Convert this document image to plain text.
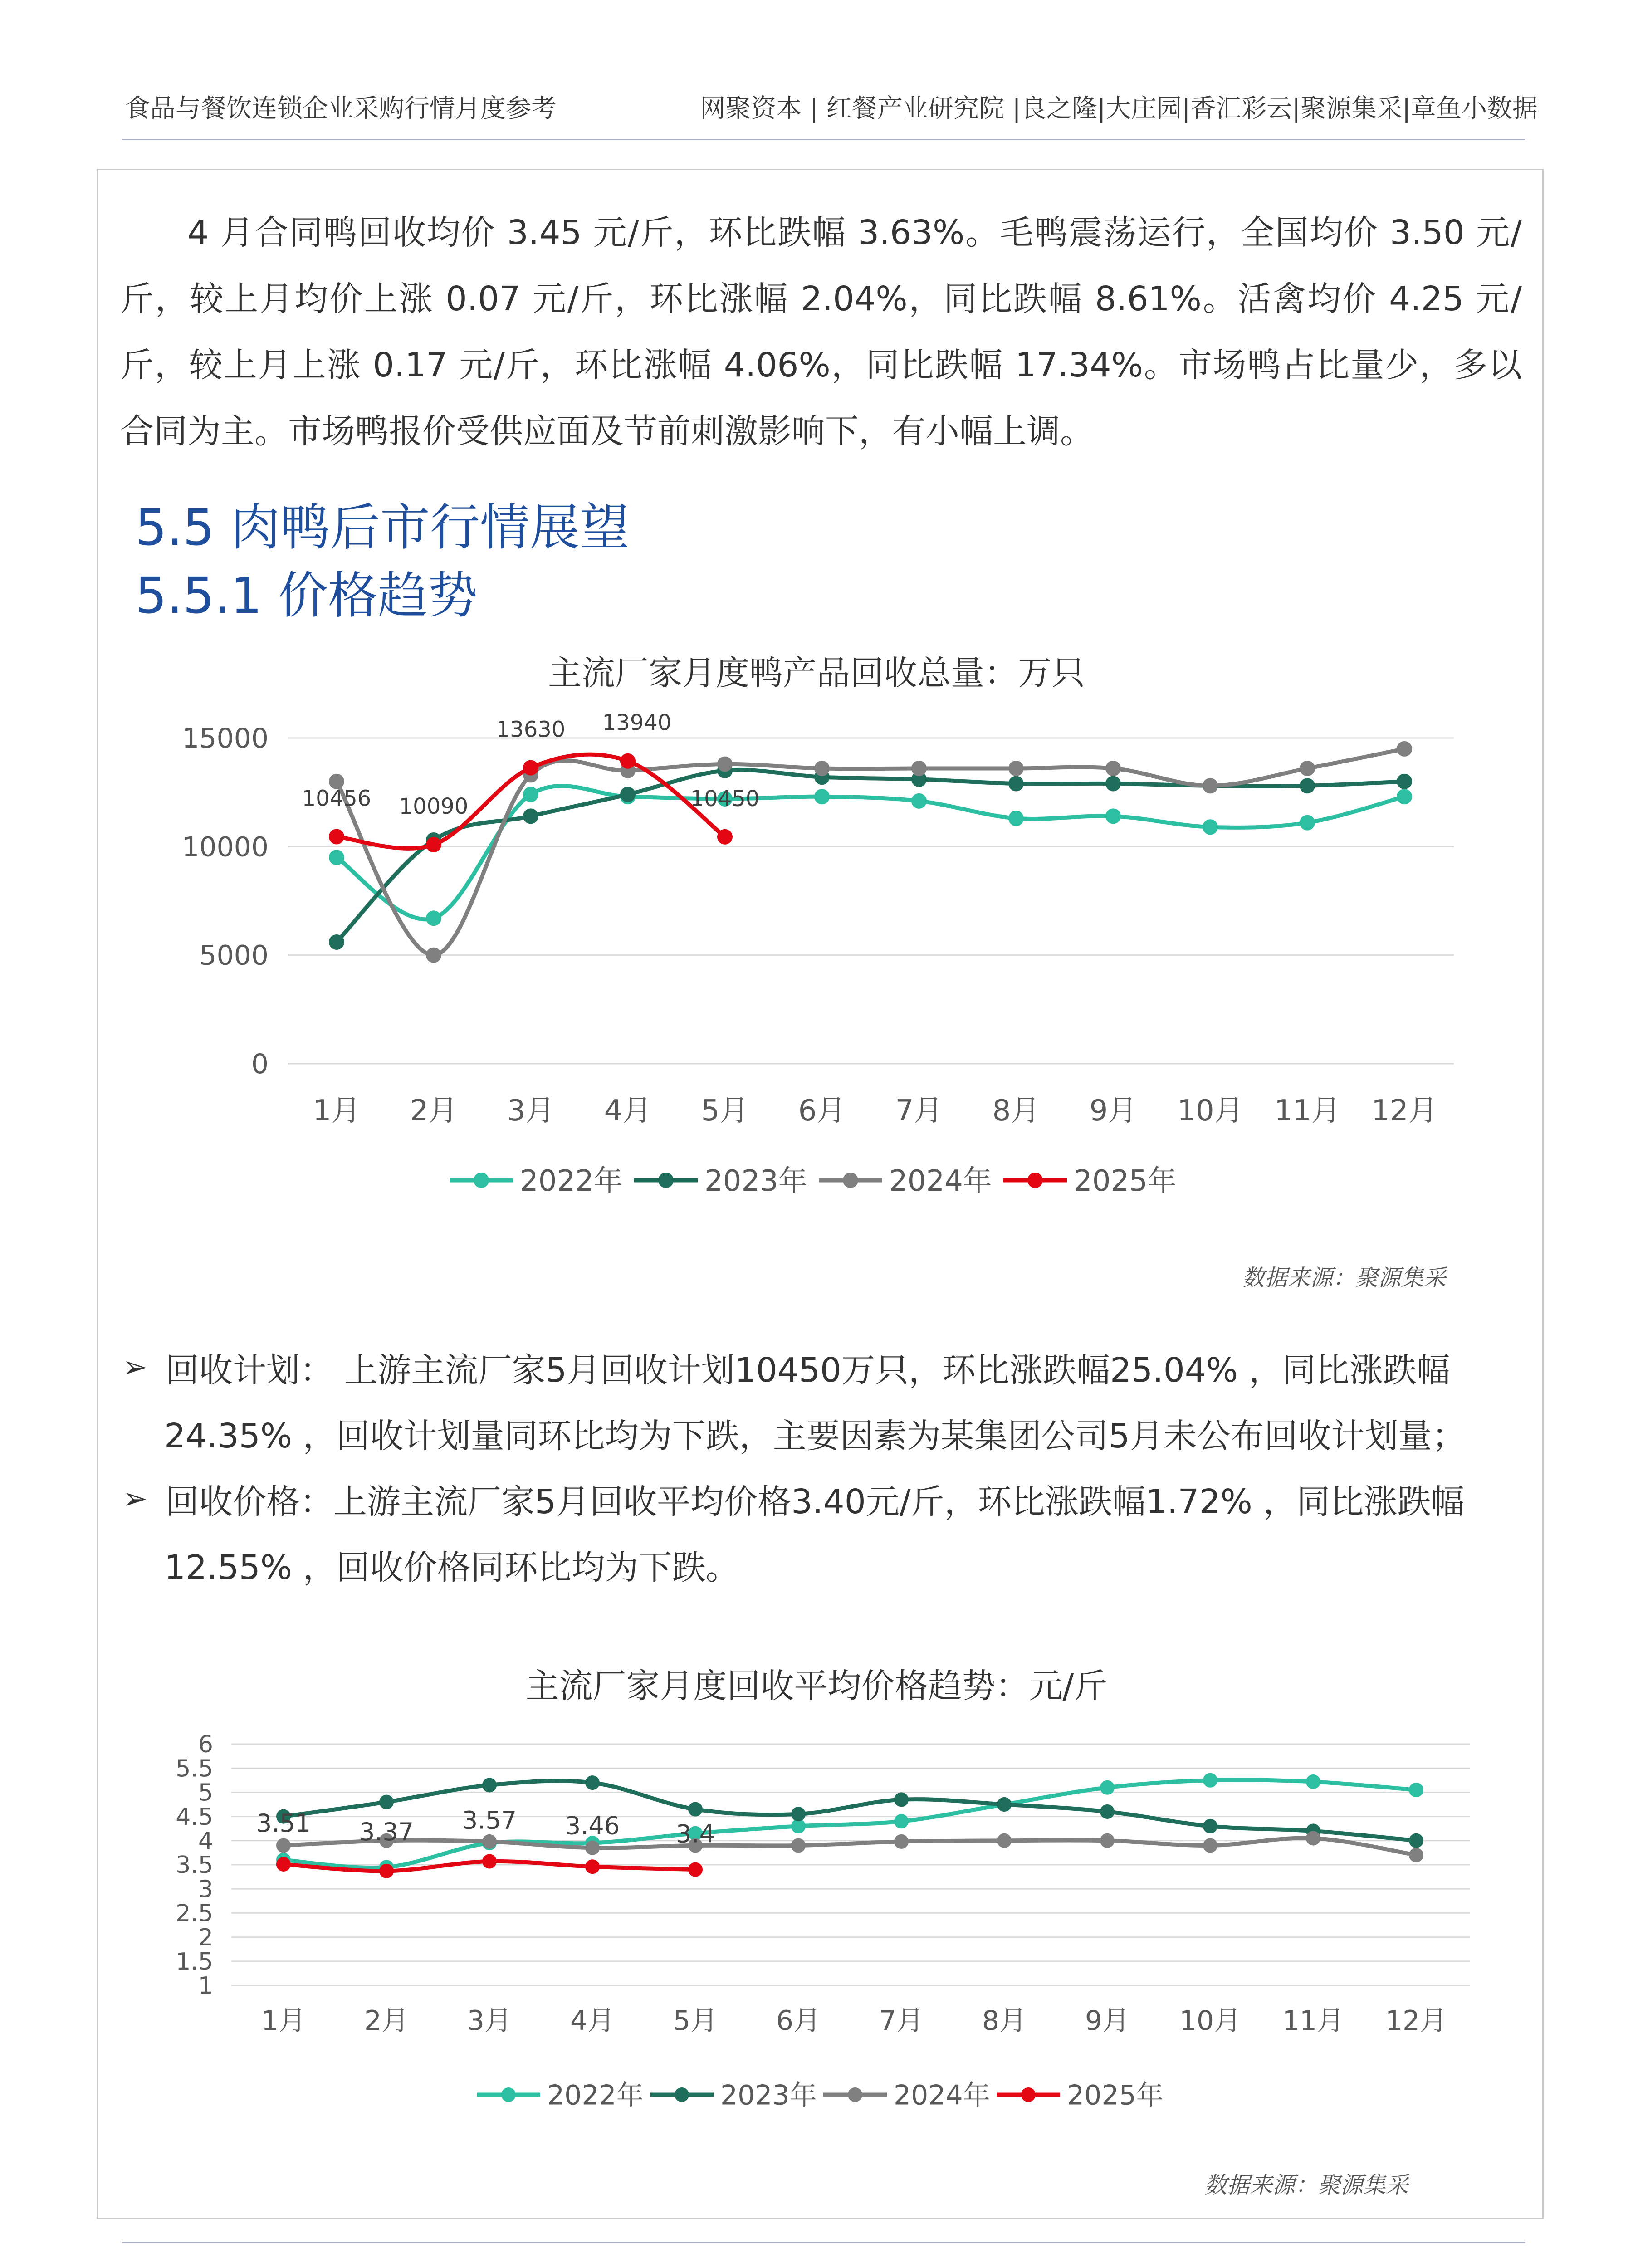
食品与餐饮连锁企业采购行情月度参考	网聚资本 | 红餐产业研究院 |良之隆|大庄园|香汇彩云|聚源集采|章鱼小数据

4 月合同鸭回收均价 3.45 元/斤，环比跌幅 3.63%。毛鸭震荡运行，全国均价 3.50 元/斤，较上月均价上涨 0.07 元/斤，环比涨幅 2.04%，同比跌幅 8.61%。活禽均价 4.25 元/斤，较上月上涨 0.17 元/斤，环比涨幅 4.06%，同比跌幅 17.34%。市场鸭占比量少，多以合同为主。市场鸭报价受供应面及节前刺激影响下，有小幅上调。

5.5 肉鸭后市行情展望
5.5.1 价格趋势
主流厂家月度鸭产品回收总量：万只
0
5000
10000
15000
1月 2月 3月 4月 5月 6月 7月 8月 9月 10月 11月 12月
10456 10090
13630 13940
10450
2022年	2023年	2024年	2025年
数据来源：聚源集采
➢ 回收计划： 上游主流厂家5月回收计划10450万只，环比涨跌幅25.04% ，同比涨跌幅
24.35% ，回收计划量同环比均为下跌，主要因素为某集团公司5月未公布回收计划量；
➢ 回收价格：上游主流厂家5月回收平均价格3.40元/斤，环比涨跌幅1.72% ，同比涨跌幅
12.55% ，回收价格同环比均为下跌。
主流厂家月度回收平均价格趋势：元/斤
1
1.5
2
2.5
3
3.5
4
4.5
5
5.5
6
1月 2月 3月 4月 5月 6月 7月 8月 9月 10月 11月 12月
3.51 3.37 3.57 3.46 3.4
2022年	2023年	2024年	2025年
数据来源：聚源集采
